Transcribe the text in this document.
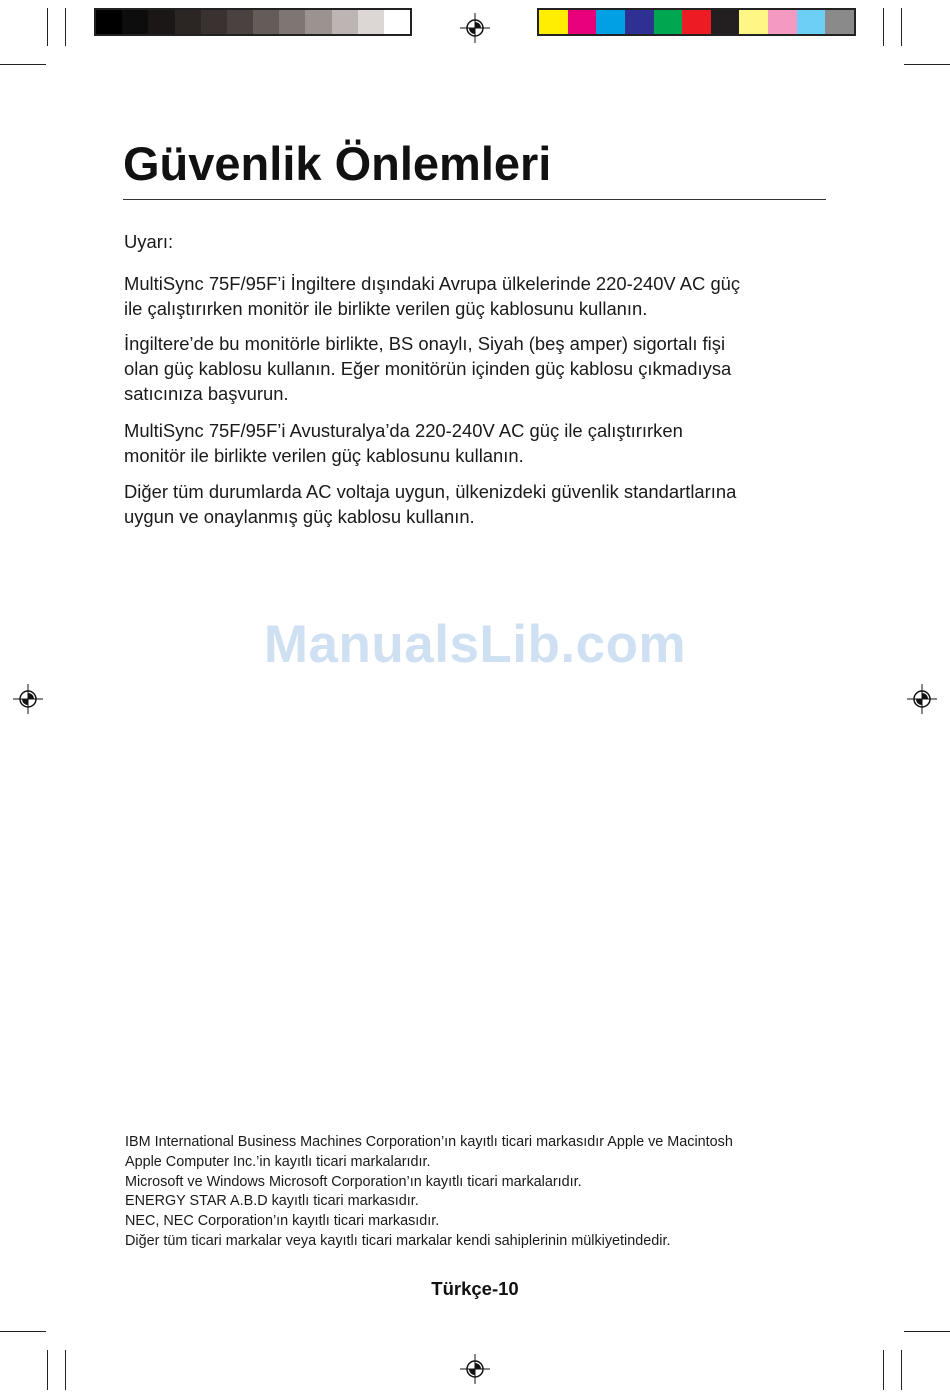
Güvenlik Önlemleri

Uyarı:

MultiSync 75F/95F’i İngiltere dışındaki Avrupa ülkelerinde 220-240V AC güç
ile çalıştırırken monitör ile birlikte verilen güç kablosunu kullanın.

İngiltere’de bu monitörle birlikte, BS onaylı, Siyah (beş amper) sigortalı fişi
olan güç kablosu kullanın. Eğer monitörün içinden güç kablosu çıkmadıysa
satıcınıza başvurun.

MultiSync 75F/95F’i Avusturalya’da 220-240V AC güç ile çalıştırırken
monitör ile birlikte verilen güç kablosunu kullanın.

Diğer tüm durumlarda AC voltaja uygun, ülkenizdeki güvenlik standartlarına
uygun ve onaylanmış güç kablosu kullanın.

ManualsLib.com
IBM International Business Machines Corporation’ın kayıtlı ticari markasıdır Apple ve Macintosh
Apple Computer Inc.’in kayıtlı ticari markalarıdır.
Microsoft ve Windows Microsoft Corporation’ın kayıtlı ticari markalarıdır.
ENERGY STAR A.B.D kayıtlı ticari markasıdır.
NEC, NEC Corporation’ın kayıtlı ticari markasıdır.
Diğer tüm ticari markalar veya kayıtlı ticari markalar kendi sahiplerinin mülkiyetindedir.
Türkçe-10
